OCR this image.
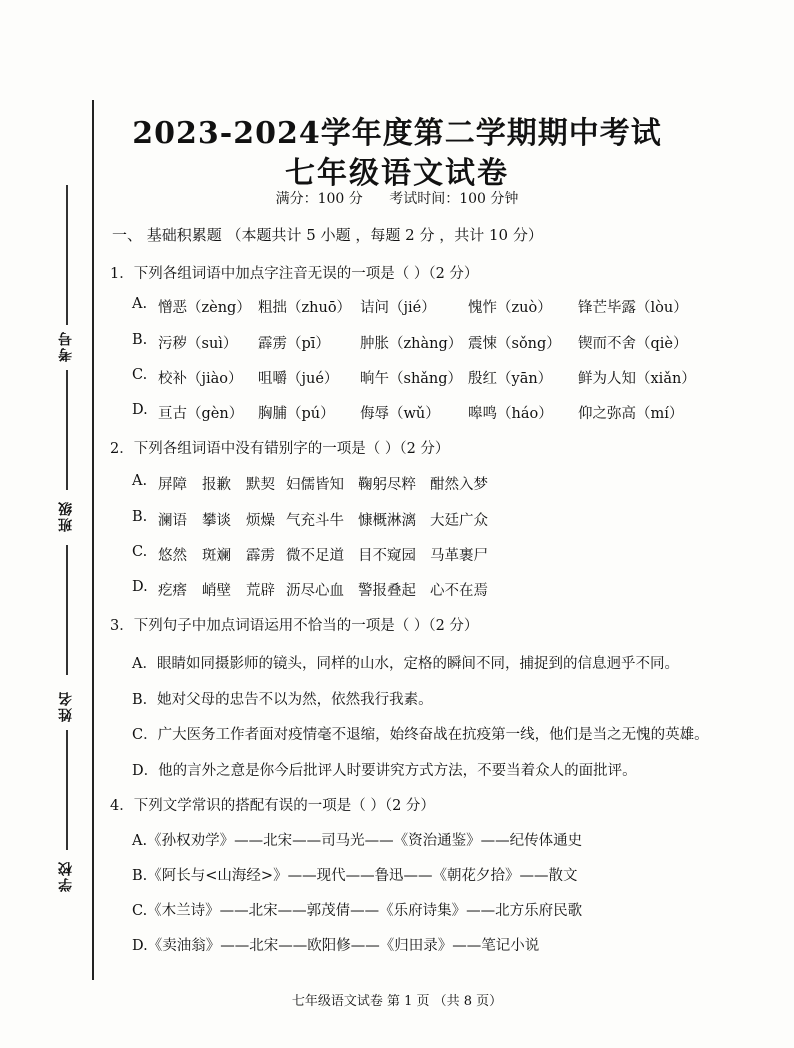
考号
班级
姓名
学校
2023-2024学年度第二学期期中考试
七年级语文试卷
满分：100 分 考试时间：100 分钟
一、 基础积累题 （本题共计 5 小题 ，每题 2 分 ，共计 10 分）
1．下列各组词语中加点字注音无误的一项是（ ）（2 分）
A. 憎恶（zèng） 粗拙（zhuō） 诘问（jié） 愧怍（zuò） 锋芒毕露（lòu）
B. 污秽（suì） 霹雳（pī） 肿胀（zhàng） 震悚（sǒng） 锲而不舍（qiè）
C. 校补（jiào） 咀嚼（jué） 晌午（shǎng） 殷红（yān） 鲜为人知（xiǎn）
D. 亘古（gèn） 胸脯（pú） 侮辱（wǔ） 嗥鸣（háo） 仰之弥高（mí）
2．下列各组词语中没有错别字的一项是（ ）（2 分）
A. 屏障 报歉 默契 妇儒皆知 鞠躬尽粹 酣然入梦
B. 澜语 攀谈 烦燥 气充斗牛 慷概淋漓 大廷广众
C. 悠然 斑斓 霹雳 微不足道 目不窥园 马革裹尸
D. 疙瘩 峭壁 荒辟 沥尽心血 警报叠起 心不在焉
3．下列句子中加点词语运用不恰当的一项是（ ）（2 分）
A．眼睛如同摄影师的镜头，同样的山水，定格的瞬间不同，捕捉到的信息迥乎不同。
B．她对父母的忠告不以为然，依然我行我素。
C．广大医务工作者面对疫情毫不退缩，始终奋战在抗疫第一线，他们是当之无愧的英雄。
D．他的言外之意是你今后批评人时要讲究方式方法，不要当着众人的面批评。
4．下列文学常识的搭配有误的一项是（ ）（2 分）
A.《孙权劝学》——北宋——司马光——《资治通鉴》——纪传体通史
B.《阿长与<山海经>》——现代——鲁迅——《朝花夕拾》——散文
C.《木兰诗》——北宋——郭茂倩——《乐府诗集》——北方乐府民歌
D.《卖油翁》——北宋——欧阳修——《归田录》——笔记小说
七年级语文试卷 第 1 页 （共 8 页）
